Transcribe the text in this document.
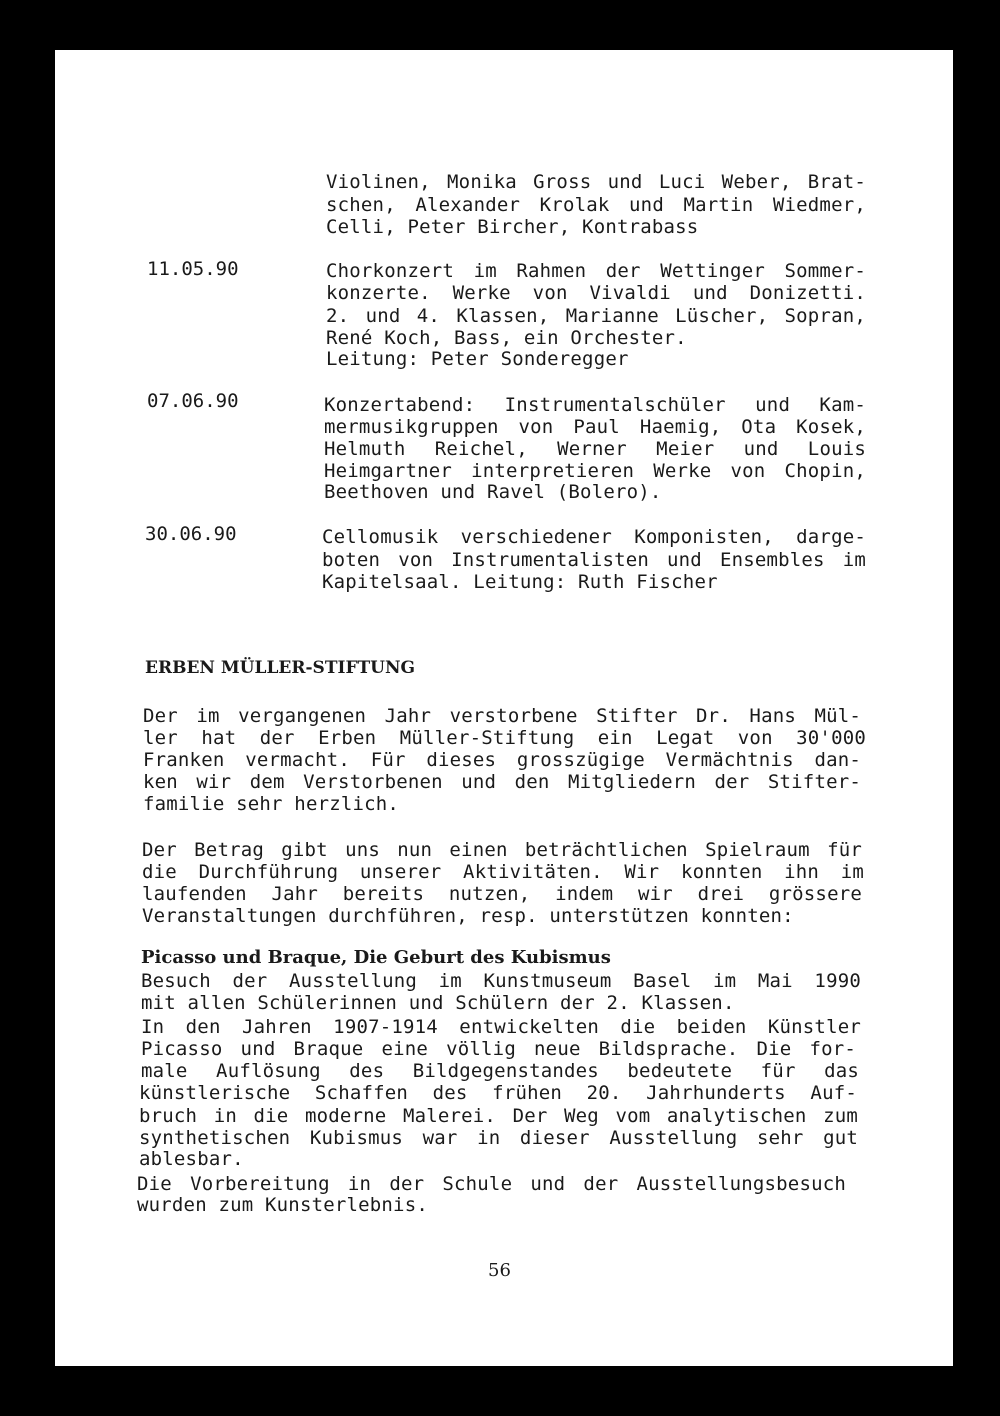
Violinen, Monika Gross und Luci Weber, Brat-
schen, Alexander Krolak und Martin Wiedmer,
Celli, Peter Bircher, Kontrabass
11.05.90	Chorkonzert im Rahmen der Wettinger Sommer-
konzerte. Werke von Vivaldi und Donizetti.
2. und 4. Klassen, Marianne Lüscher, Sopran,
René Koch, Bass, ein Orchester.
Leitung: Peter Sonderegger
07.06.90	Konzertabend: Instrumentalschüler und Kam-
mermusikgruppen von Paul Haemig, Ota Kosek,
Helmuth Reichel, Werner Meier und Louis
Heimgartner interpretieren Werke von Chopin,
Beethoven und Ravel (Bolero).
30.06.90	Cellomusik verschiedener Komponisten, darge-
boten von Instrumentalisten und Ensembles im
Kapitelsaal. Leitung: Ruth Fischer
ERBEN MÜLLER-STIFTUNG
Der im vergangenen Jahr verstorbene Stifter Dr. Hans Mül-
ler hat der Erben Müller-Stiftung ein Legat von 30'000
Franken vermacht. Für dieses grosszügige Vermächtnis dan-
ken wir dem Verstorbenen und den Mitgliedern der Stifter-
familie sehr herzlich.
Der Betrag gibt uns nun einen beträchtlichen Spielraum für
die Durchführung unserer Aktivitäten. Wir konnten ihn im
laufenden Jahr bereits nutzen, indem wir drei grössere
Veranstaltungen durchführen, resp. unterstützen konnten:
Picasso und Braque, Die Geburt des Kubismus
Besuch der Ausstellung im Kunstmuseum Basel im Mai 1990
mit allen Schülerinnen und Schülern der 2. Klassen.
In den Jahren 1907-1914 entwickelten die beiden Künstler
Picasso und Braque eine völlig neue Bildsprache. Die for-
male Auflösung des Bildgegenstandes bedeutete für das
künstlerische Schaffen des frühen 20. Jahrhunderts Auf-
bruch in die moderne Malerei. Der Weg vom analytischen zum
synthetischen Kubismus war in dieser Ausstellung sehr gut
ablesbar.
Die Vorbereitung in der Schule und der Ausstellungsbesuch
wurden zum Kunsterlebnis.
56
